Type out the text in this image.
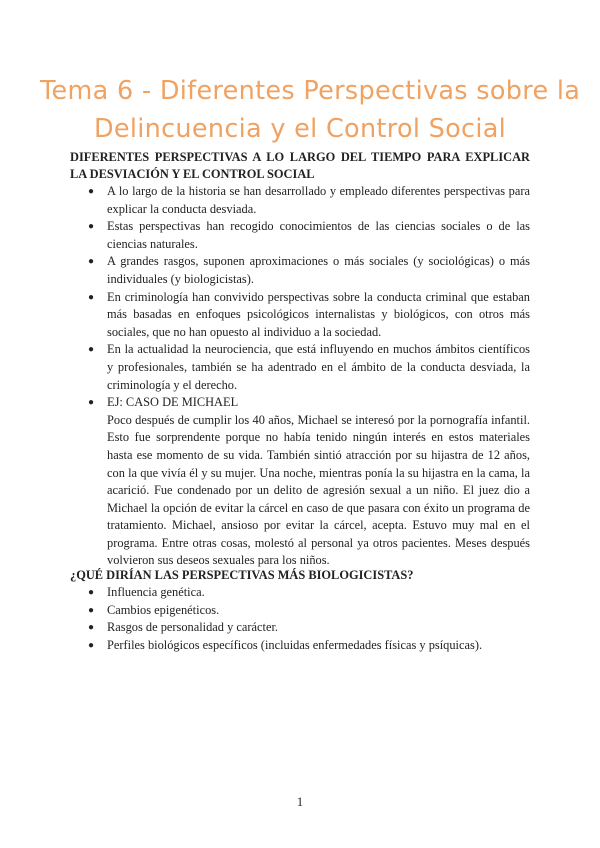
Tema 6 - Diferentes Perspectivas sobre la
Delincuencia y el Control Social

DIFERENTES PERSPECTIVAS A LO LARGO DEL TIEMPO PARA EXPLICAR LA DESVIACIÓN Y EL CONTROL SOCIAL

● A lo largo de la historia se han desarrollado y empleado diferentes perspectivas para explicar la conducta desviada.
● Estas perspectivas han recogido conocimientos de las ciencias sociales o de las ciencias naturales.
● A grandes rasgos, suponen aproximaciones o más sociales (y sociológicas) o más individuales (y biologicistas).
● En criminología han convivido perspectivas sobre la conducta criminal que estaban más basadas en enfoques psicológicos internalistas y biológicos, con otros más sociales, que no han opuesto al individuo a la sociedad.
● En la actualidad la neurociencia, que está influyendo en muchos ámbitos científicos y profesionales, también se ha adentrado en el ámbito de la conducta desviada, la criminología y el derecho.
● EJ: CASO DE MICHAEL
Poco después de cumplir los 40 años, Michael se interesó por la pornografía infantil. Esto fue sorprendente porque no había tenido ningún interés en estos materiales hasta ese momento de su vida. También sintió atracción por su hijastra de 12 años, con la que vivía él y su mujer. Una noche, mientras ponía la su hijastra en la cama, la acarició. Fue condenado por un delito de agresión sexual a un niño. El juez dio a Michael la opción de evitar la cárcel en caso de que pasara con éxito un programa de tratamiento. Michael, ansioso por evitar la cárcel, acepta. Estuvo muy mal en el programa. Entre otras cosas, molestó al personal ya otros pacientes. Meses después volvieron sus deseos sexuales para los niños.

¿QUÉ DIRÍAN LAS PERSPECTIVAS MÁS BIOLOGICISTAS?

● Influencia genética.
● Cambios epigenéticos.
● Rasgos de personalidad y carácter.
● Perfiles biológicos específicos (incluidas enfermedades físicas y psíquicas).
1
